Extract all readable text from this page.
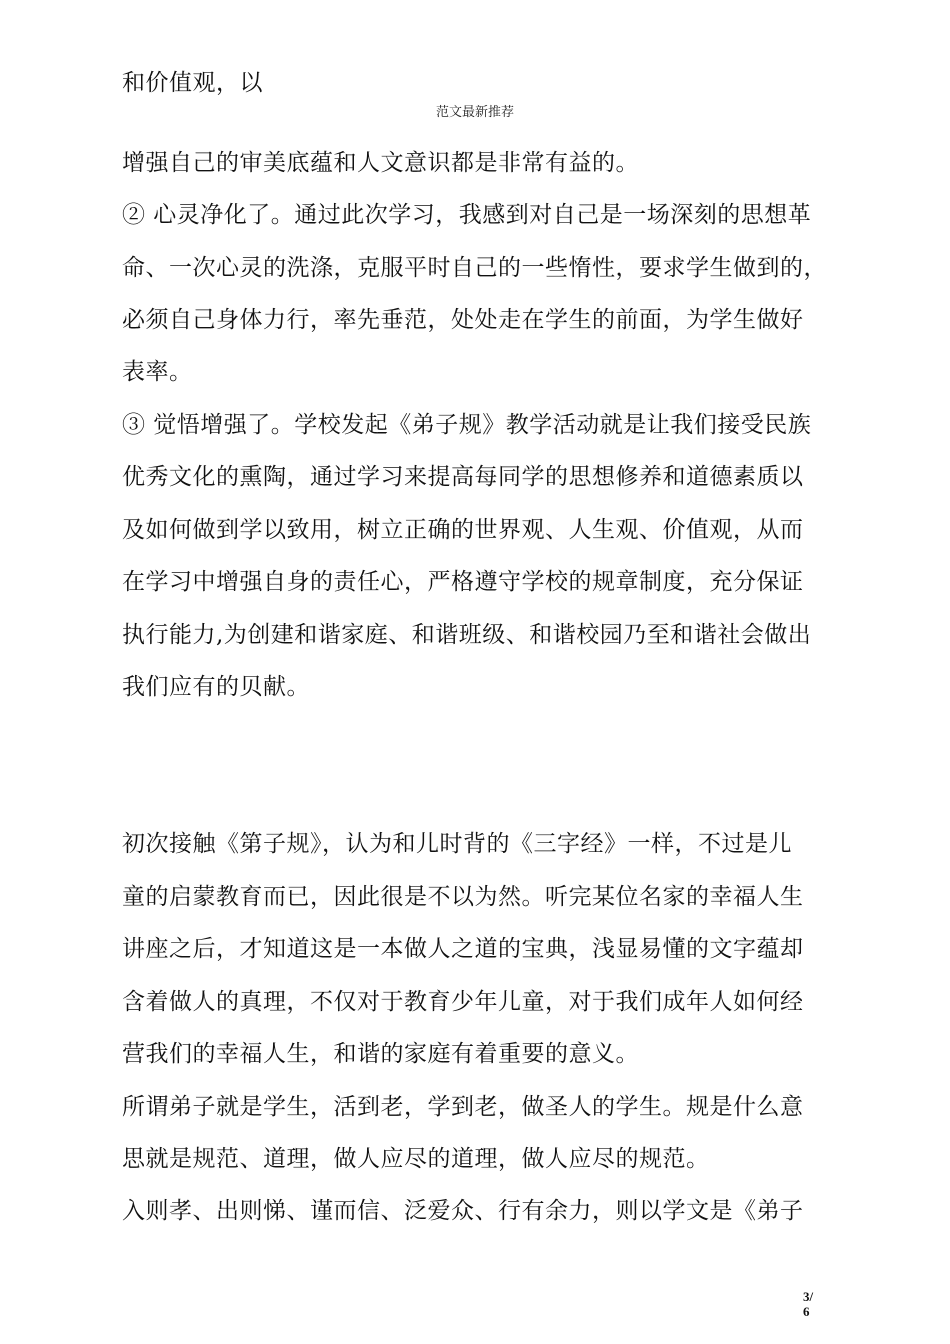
和价值观，以
范文最新推荐
增强自己的审美底蕴和人文意识都是非常有益的。
② 心灵净化了。通过此次学习，我感到对自己是一场深刻的思想革
命、一次心灵的洗涤，克服平时自己的一些惰性，要求学生做到的，
必须自己身体力行，率先垂范，处处走在学生的前面，为学生做好
表率。
③ 觉悟增强了。学校发起《弟子规》教学活动就是让我们接受民族
优秀文化的熏陶，通过学习来提高每同学的思想修养和道德素质以
及如何做到学以致用，树立正确的世界观、人生观、价值观，从而
在学习中增强自身的责任心，严格遵守学校的规章制度，充分保证
执行能力,为创建和谐家庭、和谐班级、和谐校园乃至和谐社会做出
我们应有的贝献。
初次接触《第子规》，认为和儿时背的《三字经》一样，不过是儿
童的启蒙教育而已，因此很是不以为然。听完某位名家的幸福人生
讲座之后，才知道这是一本做人之道的宝典，浅显易懂的文字蕴却
含着做人的真理，不仅对于教育少年儿童，对于我们成年人如何经
营我们的幸福人生，和谐的家庭有着重要的意义。
所谓弟子就是学生，活到老，学到老，做圣人的学生。规是什么意
思就是规范、道理，做人应尽的道理，做人应尽的规范。
入则孝、出则悌、谨而信、泛爱众、行有余力，则以学文是《弟子
3/
6
